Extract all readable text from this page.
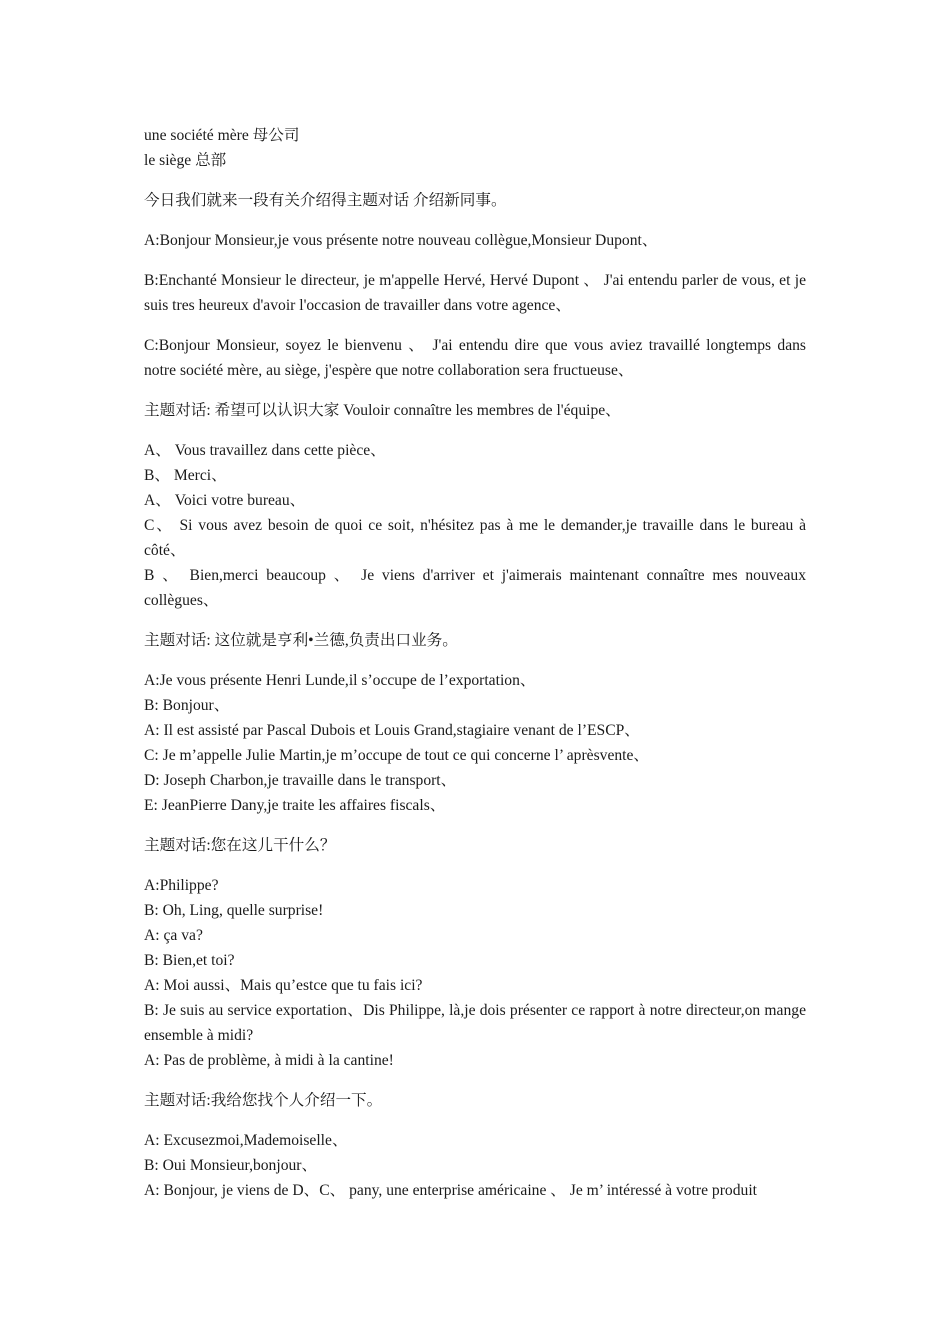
une société mère 母公司
le siège 总部

今日我们就来一段有关介绍得主题对话 介绍新同事。

A:Bonjour Monsieur,je vous présente notre nouveau collègue,Monsieur Dupont、

B:Enchanté Monsieur le directeur, je m'appelle Hervé, Hervé Dupont 、 J'ai entendu parler de vous, et je suis tres heureux d'avoir l'occasion de travailler dans votre agence、

C:Bonjour Monsieur, soyez le bienvenu 、 J'ai entendu dire que vous aviez travaillé longtemps dans notre société mère, au siège, j'espère que notre collaboration sera fructueuse、

主题对话: 希望可以认识大家 Vouloir connaître les membres de l'équipe、

A、 Vous travaillez dans cette pièce、
B、 Merci、
A、 Voici votre bureau、
C、 Si vous avez besoin de quoi ce soit, n'hésitez pas à me le demander,je travaille dans le bureau à côté、
B 、 Bien,merci beaucoup 、 Je viens d'arriver et j'aimerais maintenant connaître mes nouveaux collègues、

主题对话: 这位就是亨利•兰德,负责出口业务。

A:Je vous présente Henri Lunde,il s’occupe de l’exportation、
B: Bonjour、
A: Il est assisté par Pascal Dubois et Louis Grand,stagiaire venant de l’ESCP、
C: Je m’appelle Julie Martin,je m’occupe de tout ce qui concerne l’ aprèsvente、
D: Joseph Charbon,je travaille dans le transport、
E: JeanPierre Dany,je traite les affaires fiscals、

主题对话:您在这儿干什么？

A:Philippe?
B: Oh, Ling, quelle surprise!
A: ça va?
B: Bien,et toi?
A: Moi aussi、Mais qu’estce que tu fais ici?
B: Je suis au service exportation、Dis Philippe, là,je dois présenter ce rapport à notre directeur,on mange ensemble à midi?
A: Pas de problème, à midi à la cantine!

主题对话:我给您找个人介绍一下。

A: Excusezmoi,Mademoiselle、
B: Oui Monsieur,bonjour、
A: Bonjour, je viens de D、C、 pany, une enterprise américaine 、 Je m’ intéressé à votre produit
